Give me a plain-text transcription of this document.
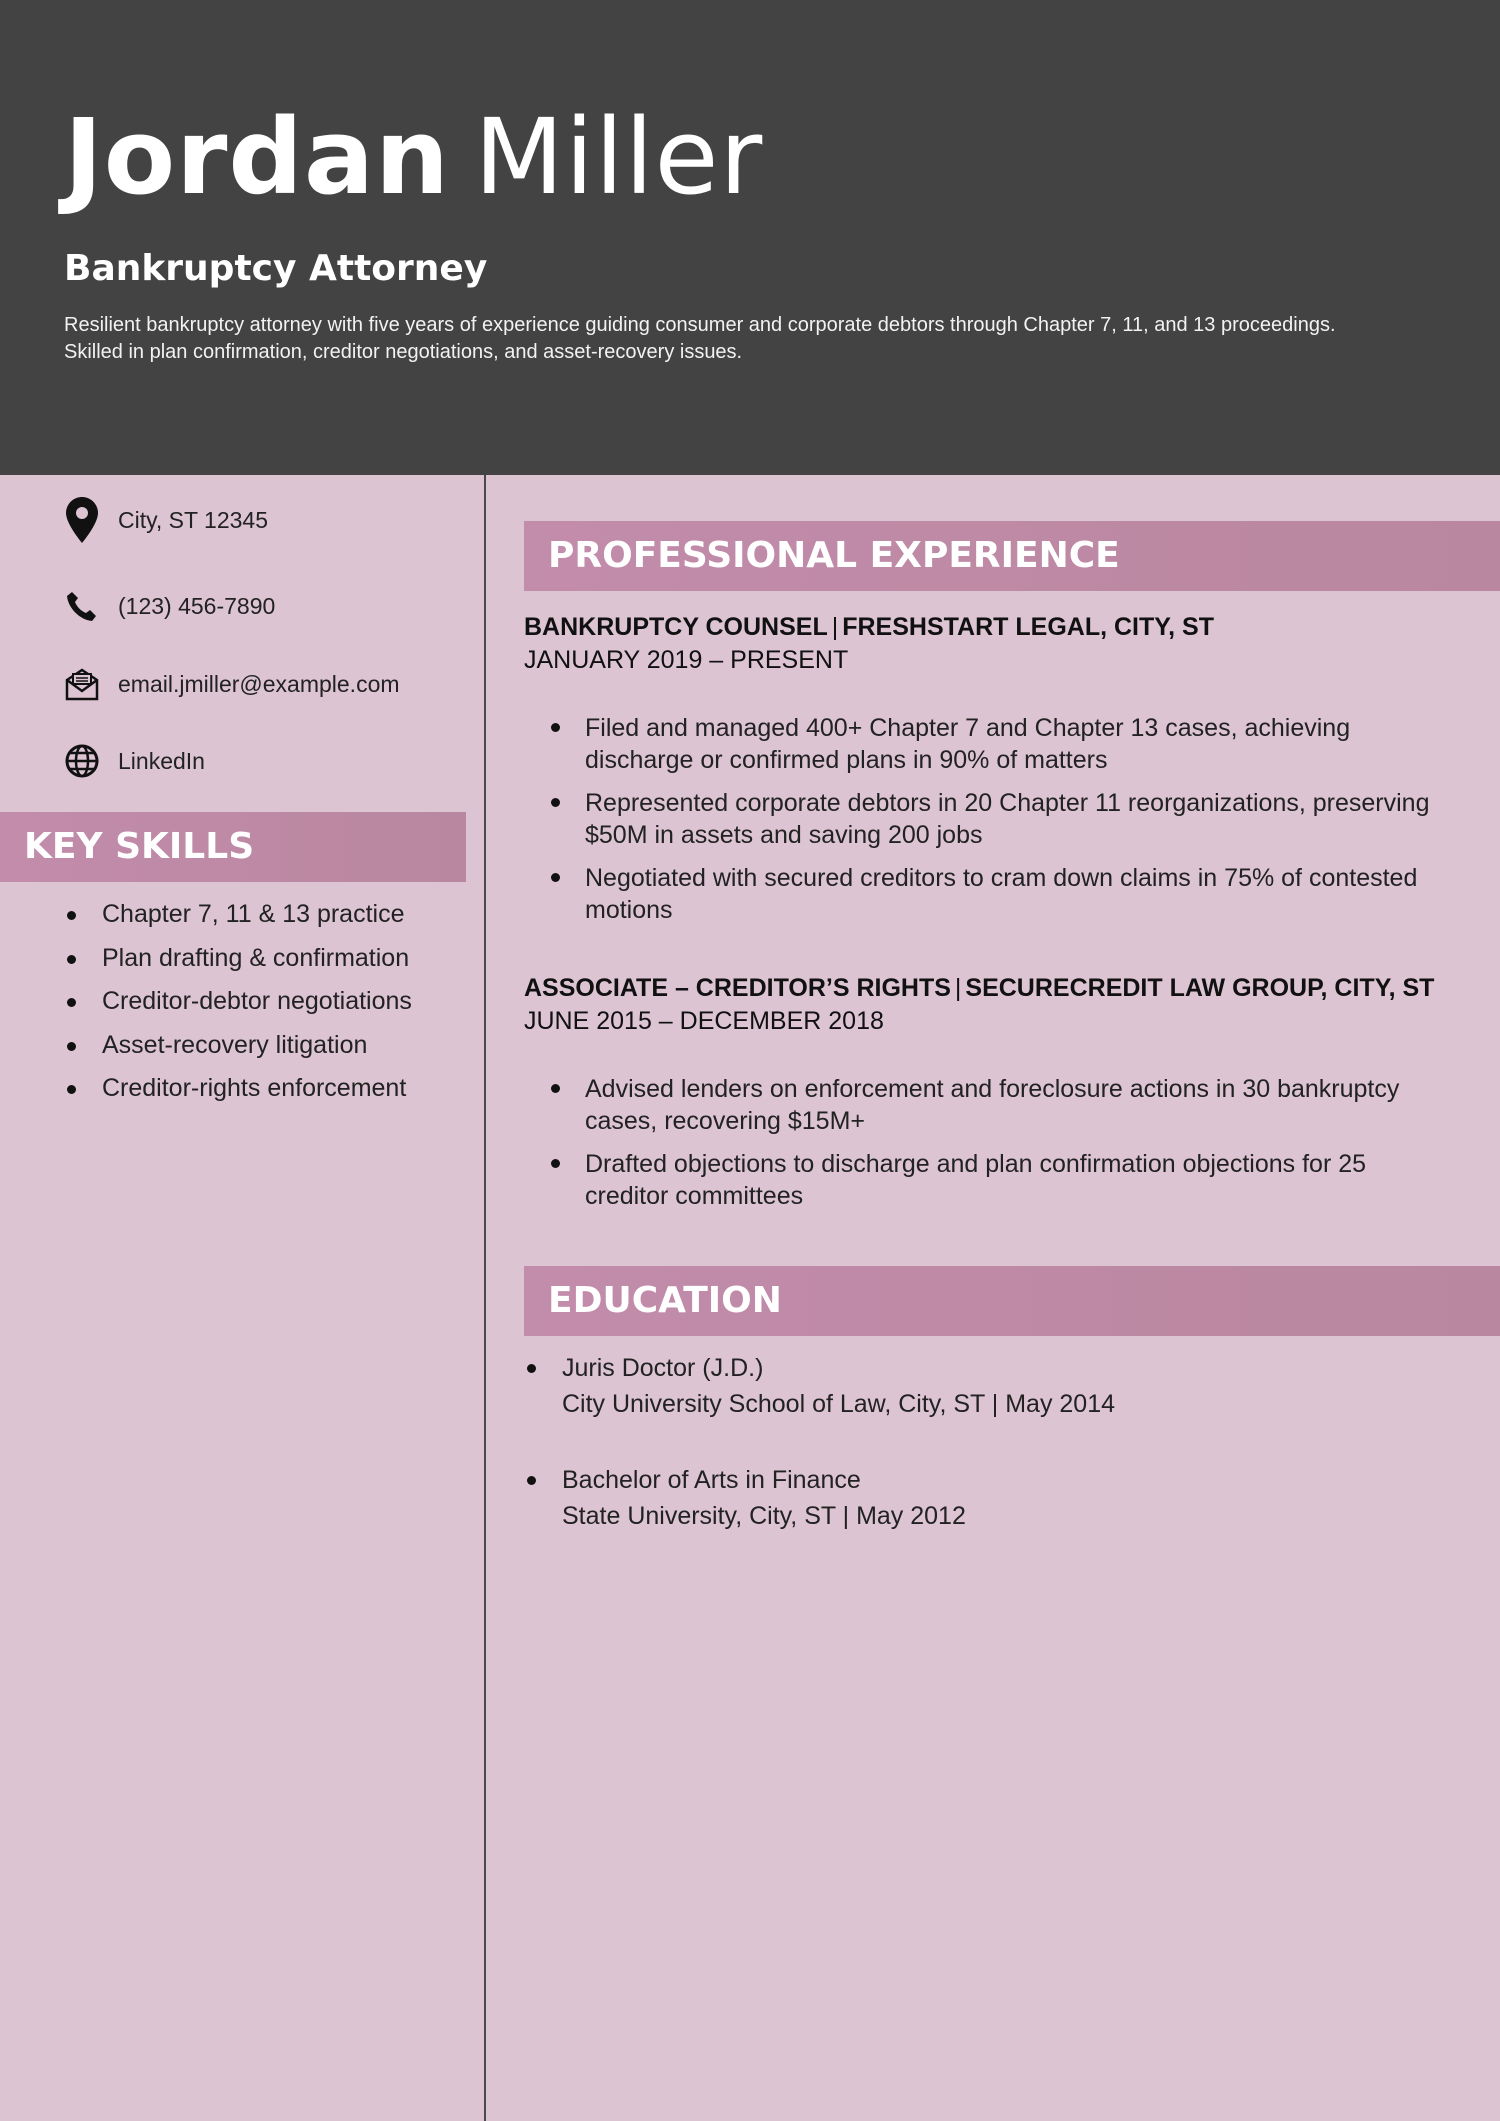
Jordan Miller
Bankruptcy Attorney
Resilient bankruptcy attorney with five years of experience guiding consumer and corporate debtors through Chapter 7, 11, and 13 proceedings. Skilled in plan confirmation, creditor negotiations, and asset-recovery issues.
City, ST 12345
(123) 456-7890
email.jmiller@example.com
LinkedIn
KEY SKILLS
Chapter 7, 11 & 13 practice
Plan drafting & confirmation
Creditor-debtor negotiations
Asset-recovery litigation
Creditor-rights enforcement
PROFESSIONAL EXPERIENCE
BANKRUPTCY COUNSEL | FRESHSTART LEGAL, CITY, ST
JANUARY 2019 – PRESENT
Filed and managed 400+ Chapter 7 and Chapter 13 cases, achieving discharge or confirmed plans in 90% of matters
Represented corporate debtors in 20 Chapter 11 reorganizations, preserving $50M in assets and saving 200 jobs
Negotiated with secured creditors to cram down claims in 75% of contested motions
ASSOCIATE – CREDITOR’S RIGHTS | SECURECREDIT LAW GROUP, CITY, ST
JUNE 2015 – DECEMBER 2018
Advised lenders on enforcement and foreclosure actions in 30 bankruptcy cases, recovering $15M+
Drafted objections to discharge and plan confirmation objections for 25 creditor committees
EDUCATION
Juris Doctor (J.D.)
City University School of Law, City, ST | May 2014
Bachelor of Arts in Finance
State University, City, ST | May 2012
